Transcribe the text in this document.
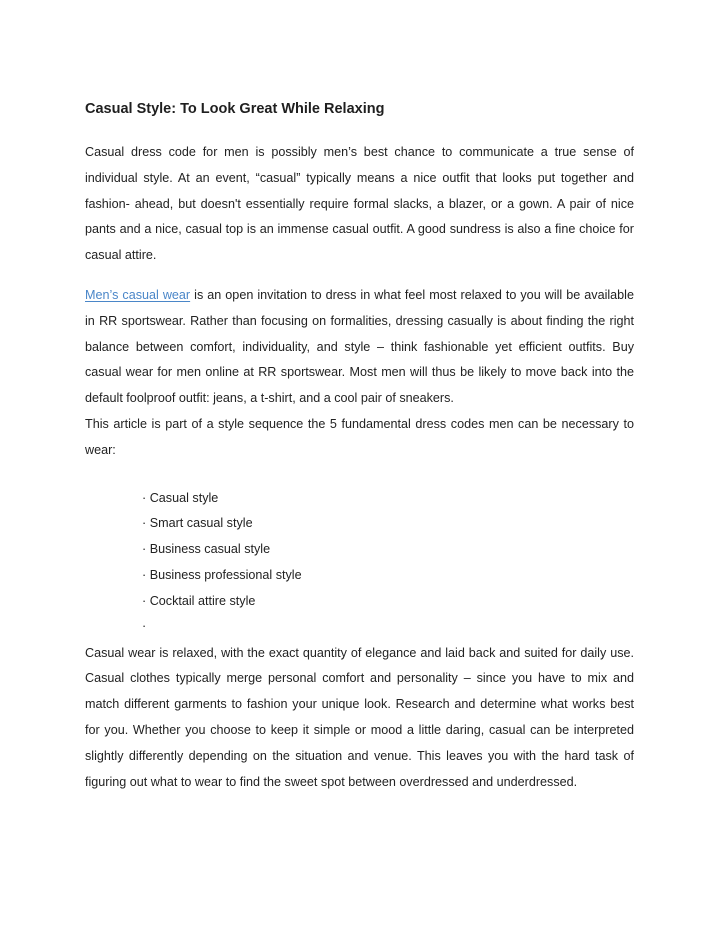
Casual Style: To Look Great While Relaxing

Casual dress code for men is possibly men’s best chance to communicate a true sense of individual style. At an event, “casual” typically means a nice outfit that looks put together and fashion- ahead, but doesn't essentially require formal slacks, a blazer, or a gown. A pair of nice pants and a nice, casual top is an immense casual outfit. A good sundress is also a fine choice for casual attire.

Men’s casual wear is an open invitation to dress in what feel most relaxed to you will be available in RR sportswear. Rather than focusing on formalities, dressing casually is about finding the right balance between comfort, individuality, and style – think fashionable yet efficient outfits. Buy casual wear for men online at RR sportswear. Most men will thus be likely to move back into the default foolproof outfit: jeans, a t-shirt, and a cool pair of sneakers.

This article is part of a style sequence the 5 fundamental dress codes men can be necessary to wear:

· Casual style
· Smart casual style
· Business casual style
· Business professional style
· Cocktail attire style
·

Casual wear is relaxed, with the exact quantity of elegance and laid back and suited for daily use. Casual clothes typically merge personal comfort and personality – since you have to mix and match different garments to fashion your unique look. Research and determine what works best for you. Whether you choose to keep it simple or mood a little daring, casual can be interpreted slightly differently depending on the situation and venue. This leaves you with the hard task of figuring out what to wear to find the sweet spot between overdressed and underdressed.
